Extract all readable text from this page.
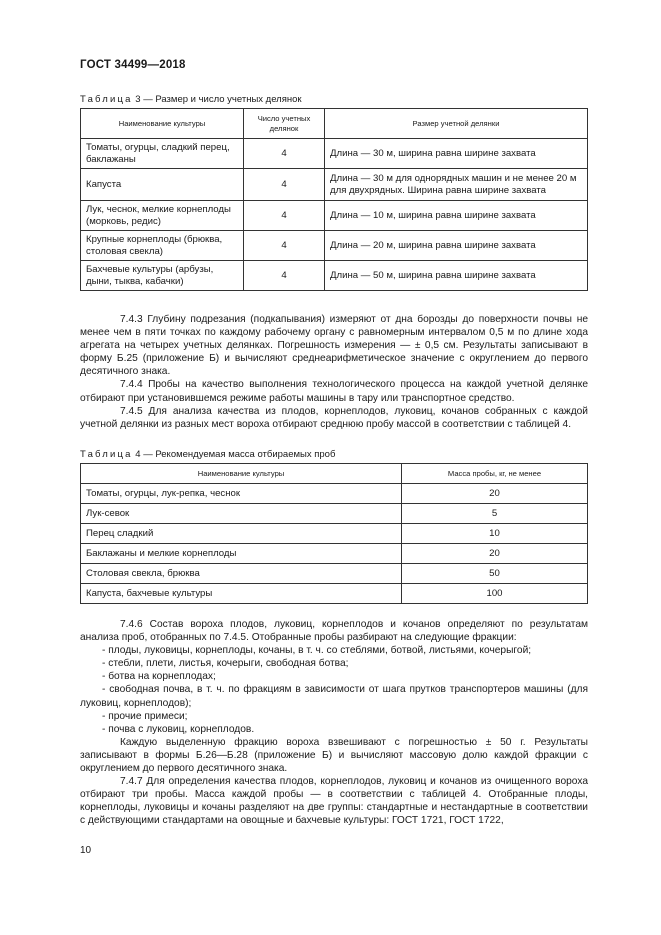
ГОСТ 34499—2018
Таблица 3 — Размер и число учетных делянок
Наименование культуры	Число учетных делянок	Размер учетной делянки
Томаты, огурцы, сладкий перец, баклажаны	4	Длина — 30 м, ширина равна ширине захвата
Капуста	4	Длина — 30 м для однорядных машин и не менее 20 м для двухрядных. Ширина равна ширине захвата
Лук, чеснок, мелкие корнеплоды (морковь, редис)	4	Длина — 10 м, ширина равна ширине захвата
Крупные корнеплоды (брюква, столовая свекла)	4	Длина — 20 м, ширина равна ширине захвата
Бахчевые культуры (арбузы, дыни, тыква, кабачки)	4	Длина — 50 м, ширина равна ширине захвата

7.4.3 Глубину подрезания (подкапывания) измеряют от дна борозды до поверхности почвы не менее чем в пяти точках по каждому рабочему органу с равномерным интервалом 0,5 м по длине хода агрегата на четырех учетных делянках. Погрешность измерения — ± 0,5 см. Результаты записывают в форму Б.25 (приложение Б) и вычисляют среднеарифметическое значение с округлением до первого десятичного знака.

7.4.4 Пробы на качество выполнения технологического процесса на каждой учетной делянке отбирают при установившемся режиме работы машины в тару или транспортное средство.

7.4.5 Для анализа качества из плодов, корнеплодов, луковиц, кочанов собранных с каждой учетной делянки из разных мест вороха отбирают среднюю пробу массой в соответствии с таблицей 4.

Таблица 4 — Рекомендуемая масса отбираемых проб
Наименование культуры	Масса пробы, кг, не менее
Томаты, огурцы, лук-репка, чеснок	20
Лук-севок	5
Перец сладкий	10
Баклажаны и мелкие корнеплоды	20
Столовая свекла, брюква	50
Капуста, бахчевые культуры	100

7.4.6 Состав вороха плодов, луковиц, корнеплодов и кочанов определяют по результатам анализа проб, отобранных по 7.4.5. Отобранные пробы разбирают на следующие фракции:

- плоды, луковицы, корнеплоды, кочаны, в т. ч. со стеблями, ботвой, листьями, кочерыгой;

- стебли, плети, листья, кочерыги, свободная ботва;

- ботва на корнеплодах;

- свободная почва, в т. ч. по фракциям в зависимости от шага прутков транспортеров машины (для луковиц, корнеплодов);

- прочие примеси;

- почва с луковиц, корнеплодов.

Каждую выделенную фракцию вороха взвешивают с погрешностью ± 50 г. Результаты записывают в формы Б.26—Б.28 (приложение Б) и вычисляют массовую долю каждой фракции с округлением до первого десятичного знака.

7.4.7 Для определения качества плодов, корнеплодов, луковиц и кочанов из очищенного вороха отбирают три пробы. Масса каждой пробы — в соответствии с таблицей 4. Отобранные плоды, корнеплоды, луковицы и кочаны разделяют на две группы: стандартные и нестандартные в соответствии с действующими стандартами на овощные и бахчевые культуры: ГОСТ 1721, ГОСТ 1722,

10
